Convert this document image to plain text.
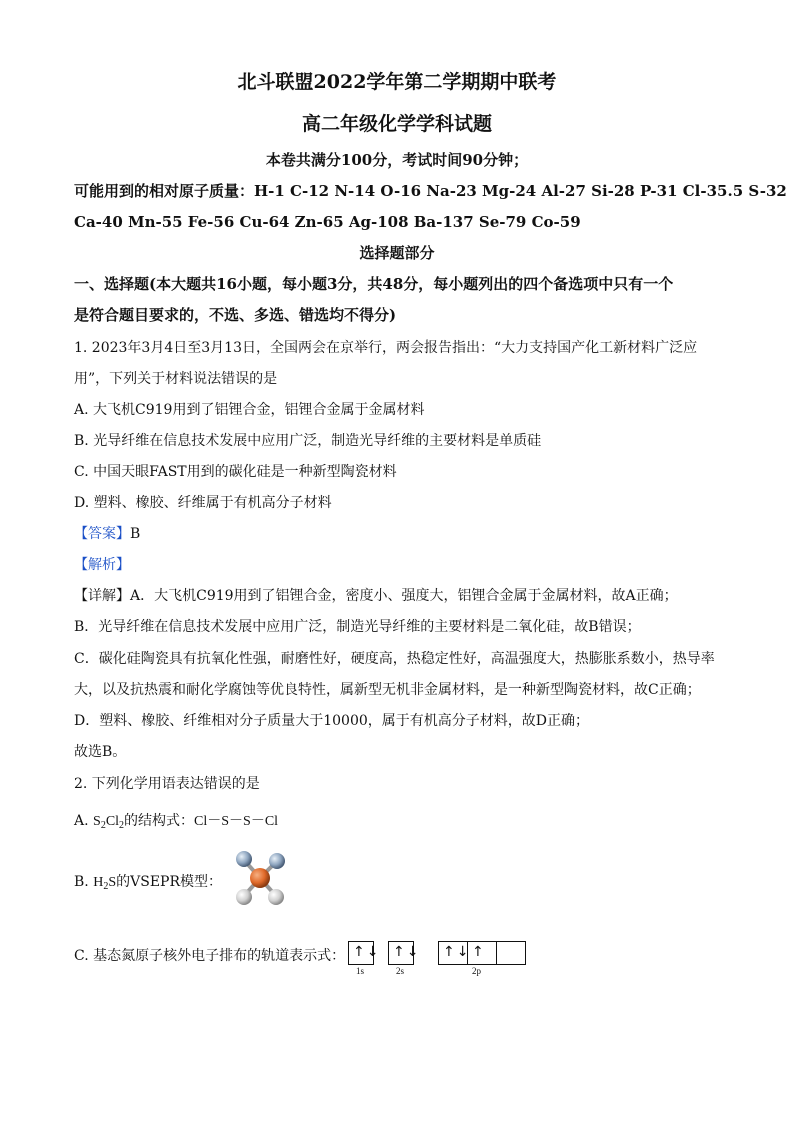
北斗联盟2022学年第二学期期中联考
高二年级化学学科试题
本卷共满分100分，考试时间90分钟；
可能用到的相对原子质量：H-1 C-12 N-14 O-16 Na-23 Mg-24 Al-27 Si-28 P-31 Cl-35.5 S-32
Ca-40 Mn-55 Fe-56 Cu-64 Zn-65 Ag-108 Ba-137 Se-79 Co-59
选择题部分
一、选择题(本大题共16小题，每小题3分，共48分，每小题列出的四个备选项中只有一个
是符合题目要求的，不选、多选、错选均不得分)
1. 2023年3月4日至3月13日，全国两会在京举行，两会报告指出：“大力支持国产化工新材料广泛应
用”，下列关于材料说法错误的是
A. 大飞机C919用到了铝锂合金，铝锂合金属于金属材料
B. 光导纤维在信息技术发展中应用广泛，制造光导纤维的主要材料是单质硅
C. 中国天眼FAST用到的碳化硅是一种新型陶瓷材料
D. 塑料、橡胶、纤维属于有机高分子材料
【答案】B
【解析】
【详解】A．大飞机C919用到了铝锂合金，密度小、强度大，铝锂合金属于金属材料，故A正确；
B．光导纤维在信息技术发展中应用广泛，制造光导纤维的主要材料是二氧化硅，故B错误；
C．碳化硅陶瓷具有抗氧化性强，耐磨性好，硬度高，热稳定性好，高温强度大，热膨胀系数小，热导率
大，以及抗热震和耐化学腐蚀等优良特性，属新型无机非金属材料，是一种新型陶瓷材料，故C正确；
D．塑料、橡胶、纤维相对分子质量大于10000，属于有机高分子材料，故D正确；
故选B。
2. 下列化学用语表达错误的是
A. $S_2Cl_2$的结构式：Cl－S－S－Cl
B. $H_2S$的VSEPR模型：
C. 基态氮原子核外电子排布的轨道表示式： ↑↓
1s
↑↓
2s
↑↓ ↑
2p
